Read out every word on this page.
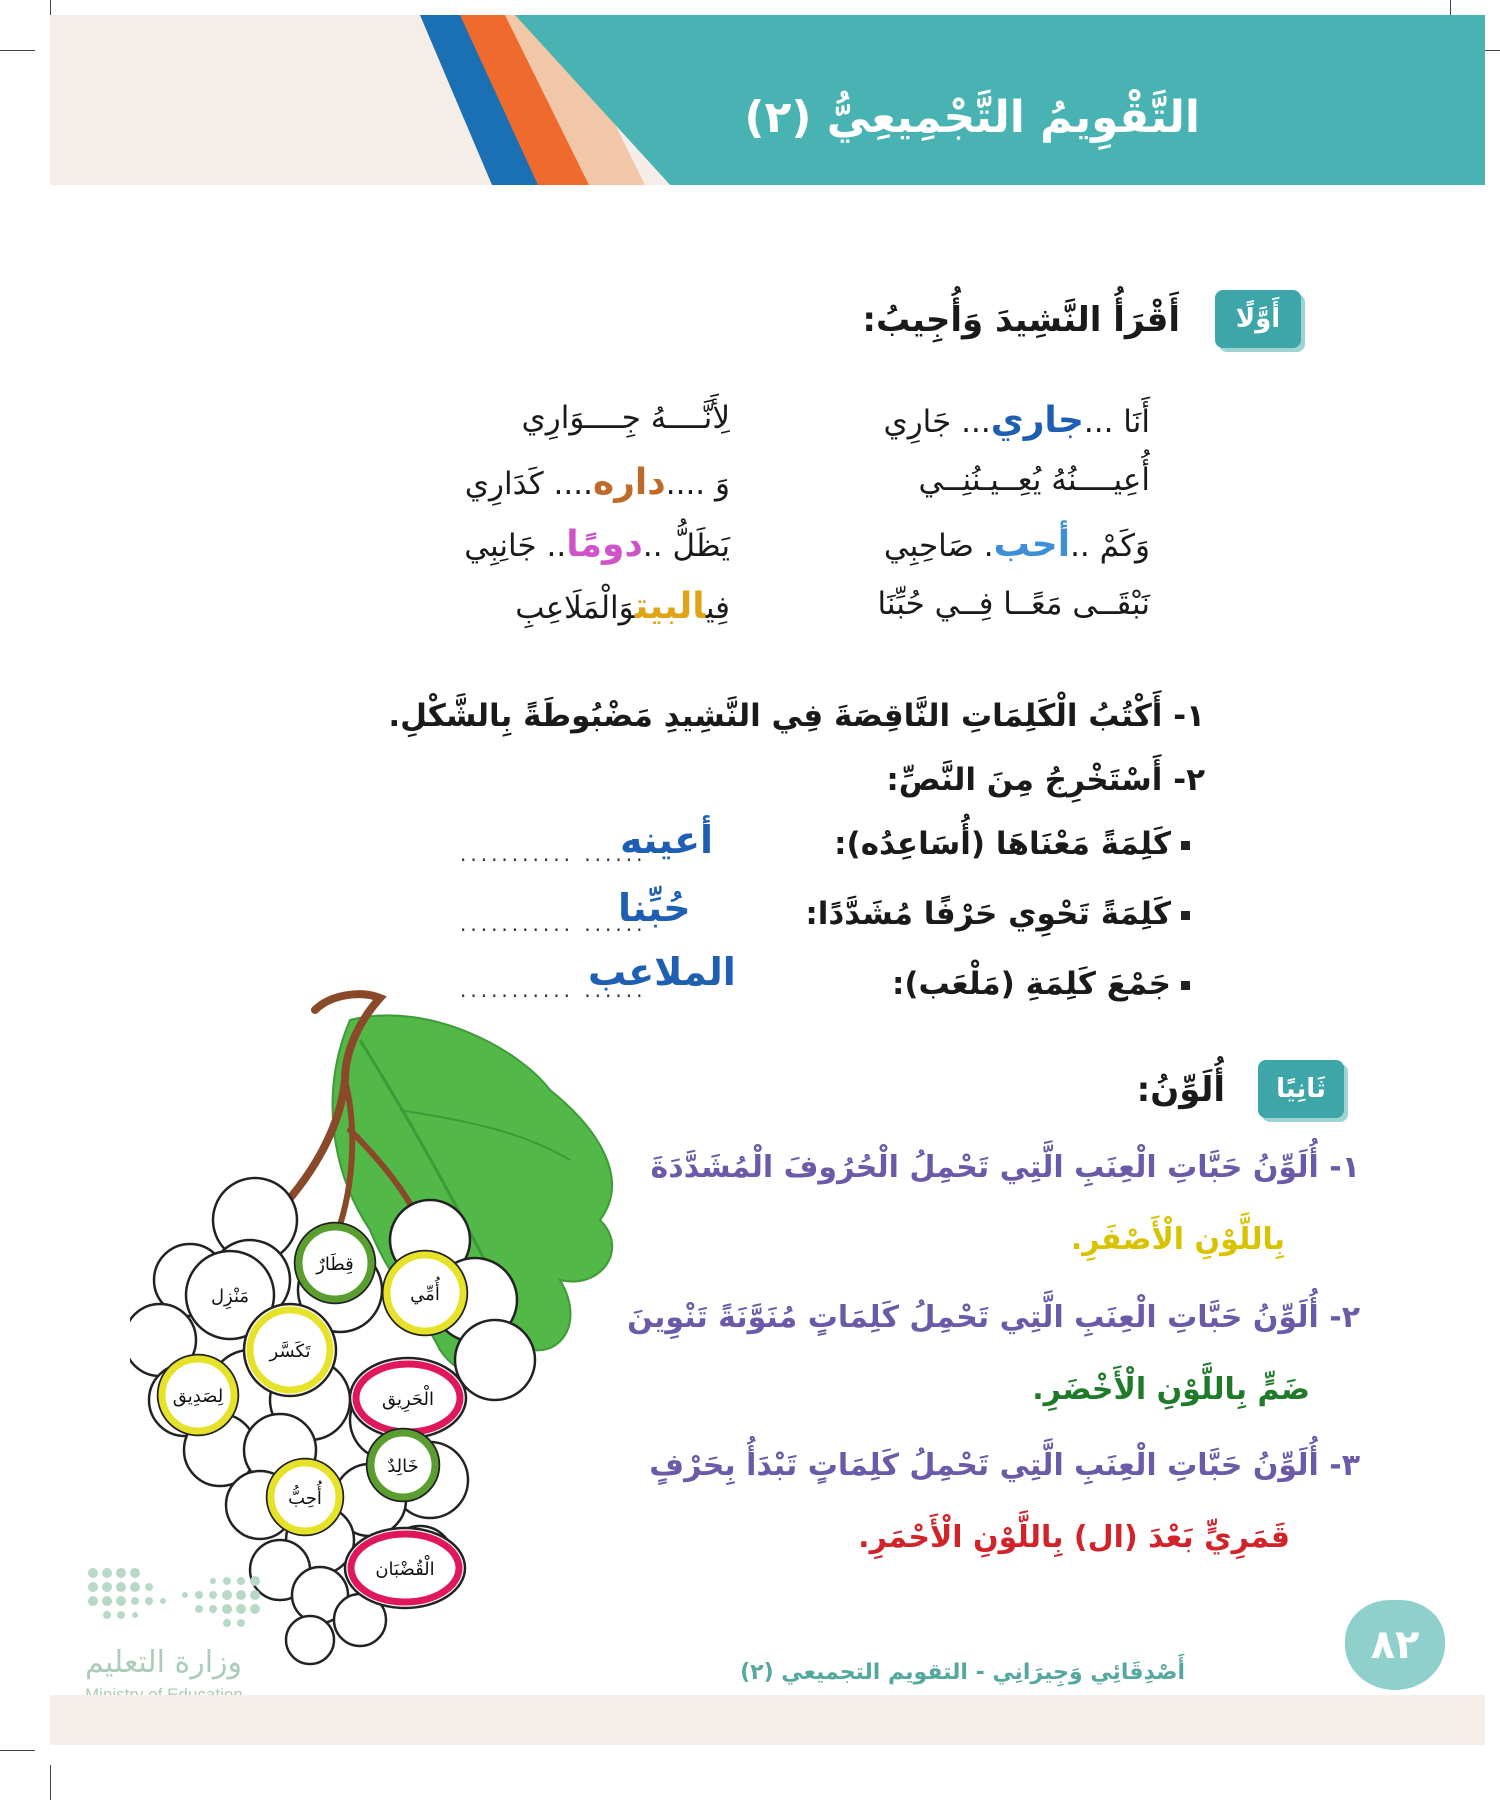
التَّقْوِيمُ التَّجْمِيعِيُّ (٢)
أَوَّلًا
أَقْرَأُ النَّشِيدَ وَأُجِيبُ:
أَنَا ...جاري... جَارِي
لِأَنَّــــهُ جِــــوَارِي
أُعِيــــنُهُ يُعِــيـنُنِــي
وَ ....داره.... كَدَارِي
وَكَمْ ..أحب. صَاحِبِي
يَظَلُّ ..دومًا.. جَانِبِي
نَبْقَــى مَعًــا فِــي حُبِّنَا
فِيالبيتوَالْمَلَاعِبِ
١- أَكْتُبُ الْكَلِمَاتِ النَّاقِصَةَ فِي النَّشِيدِ مَضْبُوطَةً بِالشَّكْلِ.
٢- أَسْتَخْرِجُ مِنَ النَّصِّ:
كَلِمَةً مَعْنَاهَا (أُسَاعِدُه):
........... ......
أعينه
كَلِمَةً تَحْوِي حَرْفًا مُشَدَّدًا:
........... ......
حُبِّنا
جَمْعَ كَلِمَةِ (مَلْعَب):
........... ......
الملاعب
ثَانِيًا
أُلَوِّنُ:
١- أُلَوِّنُ حَبَّاتِ الْعِنَبِ الَّتِي تَحْمِلُ الْحُرُوفَ الْمُشَدَّدَةَ
بِاللَّوْنِ الْأَصْفَرِ.
٢- أُلَوِّنُ حَبَّاتِ الْعِنَبِ الَّتِي تَحْمِلُ كَلِمَاتٍ مُنَوَّنَةً تَنْوِينَ
ضَمٍّ بِاللَّوْنِ الْأَخْضَرِ.
٣- أُلَوِّنُ حَبَّاتِ الْعِنَبِ الَّتِي تَحْمِلُ كَلِمَاتٍ تَبْدَأُ بِحَرْفٍ
قَمَرِيٍّ بَعْدَ (ال) بِاللَّوْنِ الْأَحْمَرِ.
قِطَارٌ
أُمِّي
مَنْزِل
تَكَسَّر
لِصَدِيق	الْحَرِيق
خَالِدٌ
أُحِبُّ
الْقُضْبَان
وزارة التعليم	أَصْدِقَائِي وَجِيرَانِي - التقويم التجميعي (٢)
٨٢
